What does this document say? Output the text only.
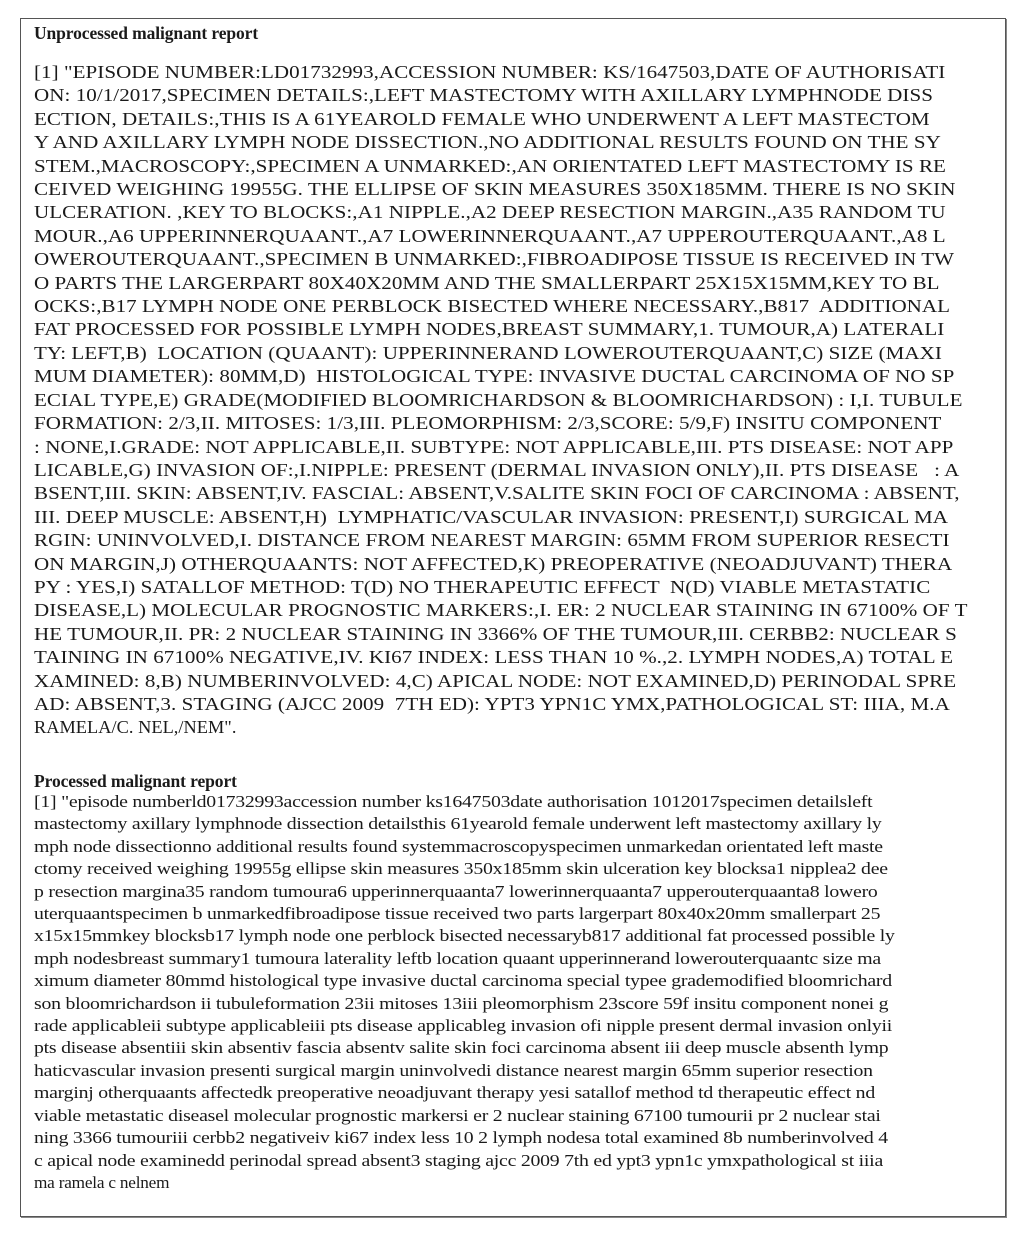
Unprocessed malignant report
[1] "EPISODE NUMBER:LD01732993,ACCESSION NUMBER: KS/1647503,DATE OF AUTHORISATI
ON: 10/1/2017,SPECIMEN DETAILS:,LEFT MASTECTOMY WITH AXILLARY LYMPHNODE DISS
ECTION, DETAILS:,THIS IS A 61YEAROLD FEMALE WHO UNDERWENT A LEFT MASTECTOM
Y AND AXILLARY LYMPH NODE DISSECTION.,NO ADDITIONAL RESULTS FOUND ON THE SY
STEM.,MACROSCOPY:,SPECIMEN A UNMARKED:,AN ORIENTATED LEFT MASTECTOMY IS RE
CEIVED WEIGHING 19955G. THE ELLIPSE OF SKIN MEASURES 350X185MM. THERE IS NO SKIN
ULCERATION. ,KEY TO BLOCKS:,A1 NIPPLE.,A2 DEEP RESECTION MARGIN.,A35 RANDOM TU
MOUR.,A6 UPPERINNERQUAANT.,A7 LOWERINNERQUAANT.,A7 UPPEROUTERQUAANT.,A8 L
OWEROUTERQUAANT.,SPECIMEN B UNMARKED:,FIBROADIPOSE TISSUE IS RECEIVED IN TW
O PARTS THE LARGERPART 80X40X20MM AND THE SMALLERPART 25X15X15MM,KEY TO BL
OCKS:,B17 LYMPH NODE ONE PERBLOCK BISECTED WHERE NECESSARY.,B817  ADDITIONAL
FAT PROCESSED FOR POSSIBLE LYMPH NODES,BREAST SUMMARY,1. TUMOUR,A) LATERALI
TY: LEFT,B)  LOCATION (QUAANT): UPPERINNERAND LOWEROUTERQUAANT,C) SIZE (MAXI
MUM DIAMETER): 80MM,D)  HISTOLOGICAL TYPE: INVASIVE DUCTAL CARCINOMA OF NO SP
ECIAL TYPE,E) GRADE(MODIFIED BLOOMRICHARDSON & BLOOMRICHARDSON) : I,I. TUBULE
FORMATION: 2/3,II. MITOSES: 1/3,III. PLEOMORPHISM: 2/3,SCORE: 5/9,F) INSITU COMPONENT
: NONE,I.GRADE: NOT APPLICABLE,II. SUBTYPE: NOT APPLICABLE,III. PTS DISEASE: NOT APP
LICABLE,G) INVASION OF:,I.NIPPLE: PRESENT (DERMAL INVASION ONLY),II. PTS DISEASE   : A
BSENT,III. SKIN: ABSENT,IV. FASCIAL: ABSENT,V.SALITE SKIN FOCI OF CARCINOMA : ABSENT,
III. DEEP MUSCLE: ABSENT,H)  LYMPHATIC/VASCULAR INVASION: PRESENT,I) SURGICAL MA
RGIN: UNINVOLVED,I. DISTANCE FROM NEAREST MARGIN: 65MM FROM SUPERIOR RESECTI
ON MARGIN,J) OTHERQUAANTS: NOT AFFECTED,K) PREOPERATIVE (NEOADJUVANT) THERA
PY : YES,I) SATALLOF METHOD: T(D) NO THERAPEUTIC EFFECT  N(D) VIABLE METASTATIC
DISEASE,L) MOLECULAR PROGNOSTIC MARKERS:,I. ER: 2 NUCLEAR STAINING IN 67100% OF T
HE TUMOUR,II. PR: 2 NUCLEAR STAINING IN 3366% OF THE TUMOUR,III. CERBB2: NUCLEAR S
TAINING IN 67100% NEGATIVE,IV. KI67 INDEX: LESS THAN 10 %.,2. LYMPH NODES,A) TOTAL E
XAMINED: 8,B) NUMBERINVOLVED: 4,C) APICAL NODE: NOT EXAMINED,D) PERINODAL SPRE
AD: ABSENT,3. STAGING (AJCC 2009  7TH ED): YPT3 YPN1C YMX,PATHOLOGICAL ST: IIIA, M.A
RAMELA/C. NEL,/NEM".
Processed malignant report
[1] "episode numberld01732993accession number ks1647503date authorisation 1012017specimen detailsleft
mastectomy axillary lymphnode dissection detailsthis 61yearold female underwent left mastectomy axillary ly
mph node dissectionno additional results found systemmacroscopyspecimen unmarkedan orientated left maste
ctomy received weighing 19955g ellipse skin measures 350x185mm skin ulceration key blocksa1 nipplea2 dee
p resection margina35 random tumoura6 upperinnerquaanta7 lowerinnerquaanta7 upperouterquaanta8 lowero
uterquaantspecimen b unmarkedfibroadipose tissue received two parts largerpart 80x40x20mm smallerpart 25
x15x15mmkey blocksb17 lymph node one perblock bisected necessaryb817 additional fat processed possible ly
mph nodesbreast summary1 tumoura laterality leftb location quaant upperinnerand lowerouterquaantc size ma
ximum diameter 80mmd histological type invasive ductal carcinoma special typee grademodified bloomrichard
son bloomrichardson ii tubuleformation 23ii mitoses 13iii pleomorphism 23score 59f insitu component nonei g
rade applicableii subtype applicableiii pts disease applicableg invasion ofi nipple present dermal invasion onlyii
pts disease absentiii skin absentiv fascia absentv salite skin foci carcinoma absent iii deep muscle absenth lymp
haticvascular invasion presenti surgical margin uninvolvedi distance nearest margin 65mm superior resection
marginj otherquaants affectedk preoperative neoadjuvant therapy yesi satallof method td therapeutic effect nd
viable metastatic diseasel molecular prognostic markersi er 2 nuclear staining 67100 tumourii pr 2 nuclear stai
ning 3366 tumouriii cerbb2 negativeiv ki67 index less 10 2 lymph nodesa total examined 8b numberinvolved 4
c apical node examinedd perinodal spread absent3 staging ajcc 2009 7th ed ypt3 ypn1c ymxpathological st iiia
ma ramela c nelnem
